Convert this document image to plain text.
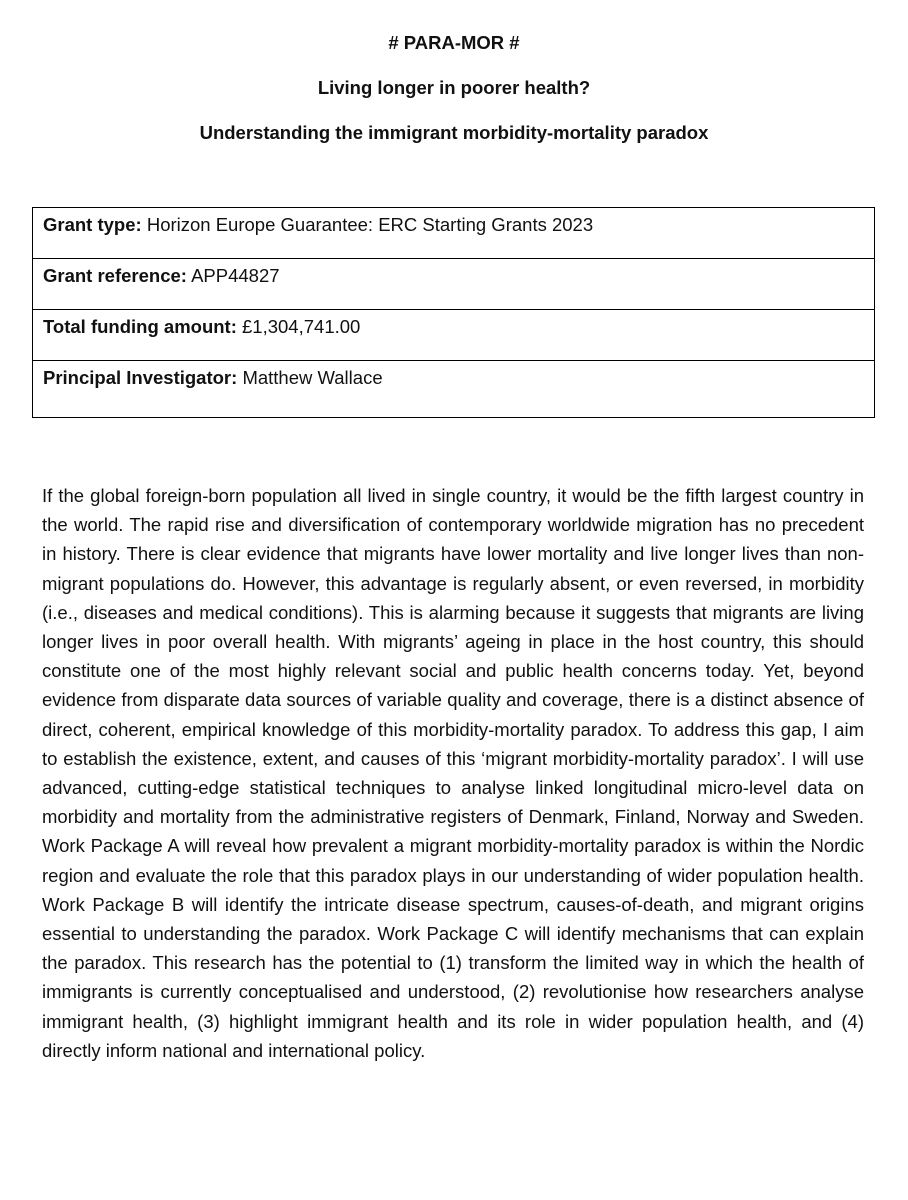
# PARA-MOR #

Living longer in poorer health?

Understanding the immigrant morbidity-mortality paradox

Grant type: Horizon Europe Guarantee: ERC Starting Grants 2023

Grant reference: APP44827

Total funding amount: £1,304,741.00

Principal Investigator: Matthew Wallace

If the global foreign-born population all lived in single country, it would be the fifth largest country in the world. The rapid rise and diversification of contemporary worldwide migration has no precedent in history. There is clear evidence that migrants have lower mortality and live longer lives than non-migrant populations do. However, this advantage is regularly absent, or even reversed, in morbidity (i.e., diseases and medical conditions). This is alarming because it suggests that migrants are living longer lives in poor overall health. With migrants’ ageing in place in the host country, this should constitute one of the most highly relevant social and public health concerns today. Yet, beyond evidence from disparate data sources of variable quality and coverage, there is a distinct absence of direct, coherent, empirical knowledge of this morbidity-mortality paradox. To address this gap, I aim to establish the existence, extent, and causes of this ‘migrant morbidity-mortality paradox’. I will use advanced, cutting-edge statistical techniques to analyse linked longitudinal micro-level data on morbidity and mortality from the administrative registers of Denmark, Finland, Norway and Sweden. Work Package A will reveal how prevalent a migrant morbidity-mortality paradox is within the Nordic region and evaluate the role that this paradox plays in our understanding of wider population health. Work Package B will identify the intricate disease spectrum, causes-of-death, and migrant origins essential to understanding the paradox. Work Package C will identify mechanisms that can explain the paradox. This research has the potential to (1) transform the limited way in which the health of immigrants is currently conceptualised and understood, (2) revolutionise how researchers analyse immigrant health, (3) highlight immigrant health and its role in wider population health, and (4) directly inform national and international policy.
